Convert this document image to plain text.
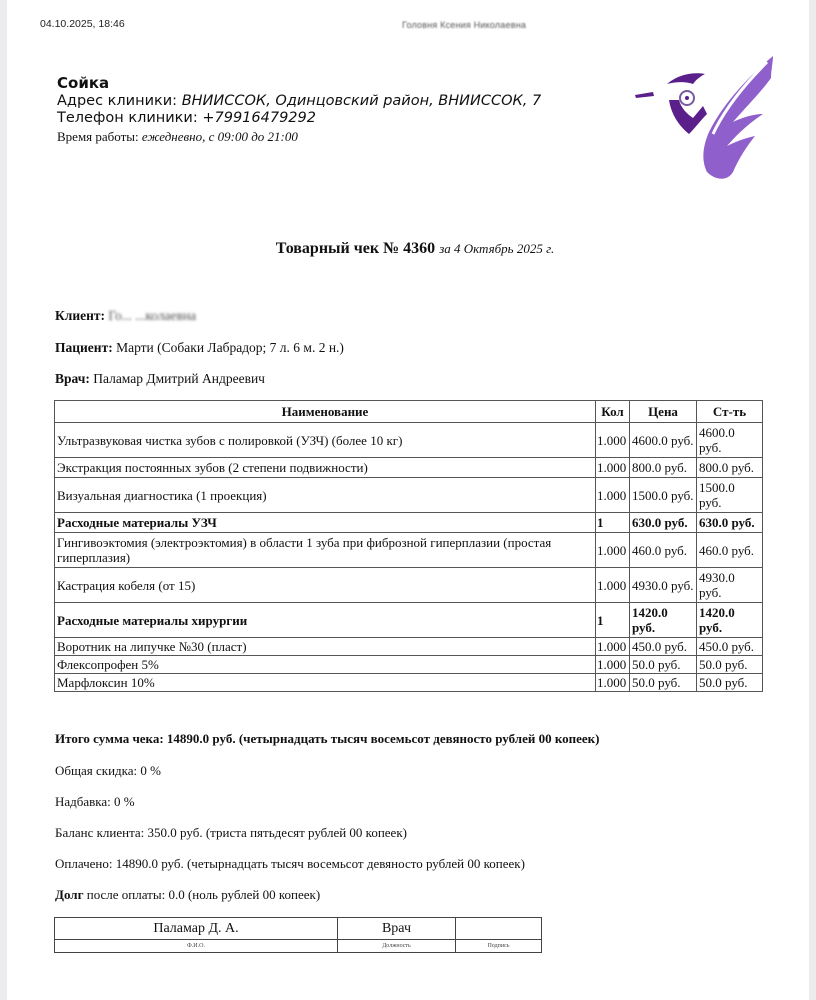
04.10.2025, 18:46	Головня Ксения Николаевна
Сойка
Адрес клиники: ВНИИССОК, Одинцовский район, ВНИИССОК, 7
Телефон клиники: +79916479292
Время работы: ежедневно, с 09:00 до 21:00
Товарный чек № 4360 за 4 Октябрь 2025 г.
Клиент: Го... ...колаевна
Пациент: Марти (Собаки Лабрадор; 7 л. 6 м. 2 н.)
Врач: Паламар Дмитрий Андреевич
Наименование	Кол	Цена	Ст-ть
Ультразвуковая чистка зубов с полировкой (УЗЧ) (более 10 кг)	1.000	4600.0 руб.	4600.0 руб.
Экстракция постоянных зубов (2 степени подвижности)	1.000	800.0 руб.	800.0 руб.
Визуальная диагностика (1 проекция)	1.000	1500.0 руб.	1500.0 руб.
Расходные материалы УЗЧ	1	630.0 руб.	630.0 руб.
Гингивоэктомия (электроэктомия) в области 1 зуба при фиброзной гиперплазии (простая гиперплазия)	1.000	460.0 руб.	460.0 руб.
Кастрация кобеля (от 15)	1.000	4930.0 руб.	4930.0 руб.
Расходные материалы хирургии	1	1420.0 руб.	1420.0 руб.
Воротник на липучке №30 (пласт)	1.000	450.0 руб.	450.0 руб.
Флексопрофен 5%	1.000	50.0 руб.	50.0 руб.
Марфлоксин 10%	1.000	50.0 руб.	50.0 руб.
Итого сумма чека: 14890.0 руб. (четырнадцать тысяч восемьсот девяносто рублей 00 копеек)
Общая скидка: 0 %
Надбавка: 0 %
Баланс клиента: 350.0 руб. (триста пятьдесят рублей 00 копеек)
Оплачено: 14890.0 руб. (четырнадцать тысяч восемьсот девяносто рублей 00 копеек)
Долг после оплаты: 0.0 (ноль рублей 00 копеек)
Паламар Д. А.	Врач	
Ф.И.О.	Должность	Подпись
